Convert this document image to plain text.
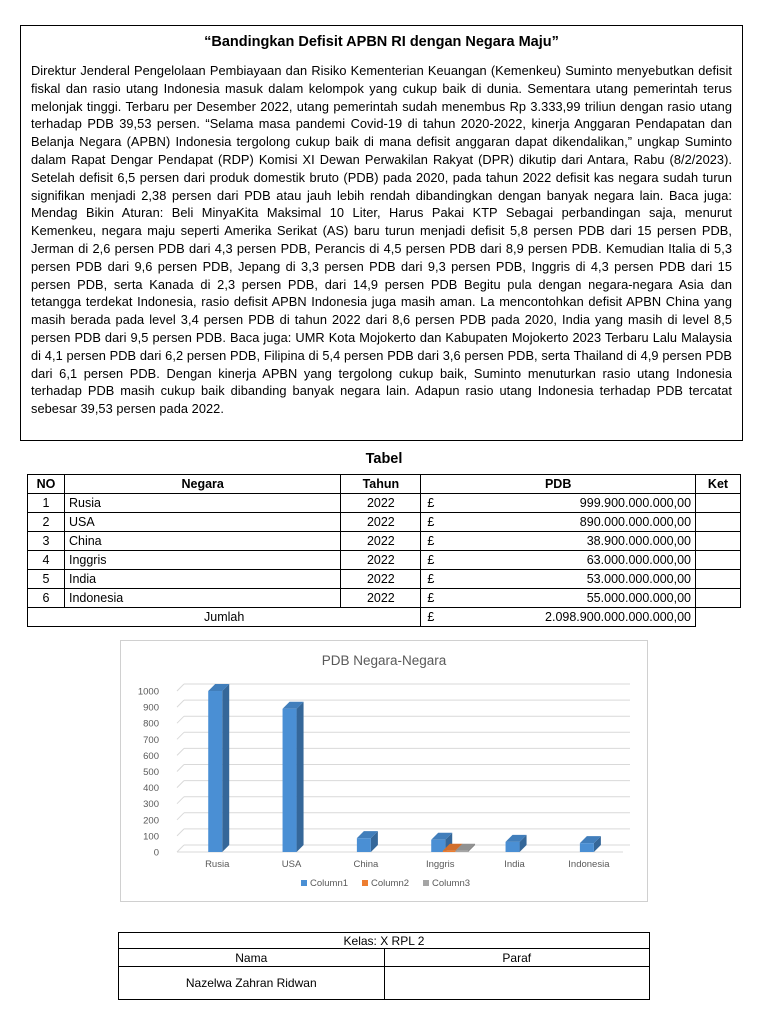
“Bandingkan Defisit APBN RI dengan Negara Maju”

Direktur Jenderal Pengelolaan Pembiayaan dan Risiko Kementerian Keuangan (Kemenkeu) Suminto menyebutkan defisit fiskal dan rasio utang Indonesia masuk dalam kelompok yang cukup baik di dunia. Sementara utang pemerintah terus melonjak tinggi. Terbaru per Desember 2022, utang pemerintah sudah menembus Rp 3.333,99 triliun dengan rasio utang terhadap PDB 39,53 persen. “Selama masa pandemi Covid-19 di tahun 2020-2022, kinerja Anggaran Pendapatan dan Belanja Negara (APBN) Indonesia tergolong cukup baik di mana defisit anggaran dapat dikendalikan,” ungkap Suminto dalam Rapat Dengar Pendapat (RDP) Komisi XI Dewan Perwakilan Rakyat (DPR) dikutip dari Antara, Rabu (8/2/2023). Setelah defisit 6,5 persen dari produk domestik bruto (PDB) pada 2020, pada tahun 2022 defisit kas negara sudah turun signifikan menjadi 2,38 persen dari PDB atau jauh lebih rendah dibandingkan dengan banyak negara lain. Baca juga: Mendag Bikin Aturan: Beli MinyaKita Maksimal 10 Liter, Harus Pakai KTP Sebagai perbandingan saja, menurut Kemenkeu, negara maju seperti Amerika Serikat (AS) baru turun menjadi defisit 5,8 persen PDB dari 15 persen PDB, Jerman di 2,6 persen PDB dari 4,3 persen PDB, Perancis di 4,5 persen PDB dari 8,9 persen PDB. Kemudian Italia di 5,3 persen PDB dari 9,6 persen PDB, Jepang di 3,3 persen PDB dari 9,3 persen PDB, Inggris di 4,3 persen PDB dari 15 persen PDB, serta Kanada di 2,3 persen PDB, dari 14,9 persen PDB Begitu pula dengan negara-negara Asia dan tetangga terdekat Indonesia, rasio defisit APBN Indonesia juga masih aman. La mencontohkan defisit APBN China yang masih berada pada level 3,4 persen PDB di tahun 2022 dari 8,6 persen PDB pada 2020, India yang masih di level 8,5 persen PDB dari 9,5 persen PDB. Baca juga: UMR Kota Mojokerto dan Kabupaten Mojokerto 2023 Terbaru Lalu Malaysia di 4,1 persen PDB dari 6,2 persen PDB, Filipina di 5,4 persen PDB dari 3,6 persen PDB, serta Thailand di 4,9 persen PDB dari 6,1 persen PDB. Dengan kinerja APBN yang tergolong cukup baik, Suminto menuturkan rasio utang Indonesia terhadap PDB masih cukup baik dibanding banyak negara lain. Adapun rasio utang Indonesia terhadap PDB tercatat sebesar 39,53 persen pada 2022.

Tabel
NO	Negara	Tahun	PDB	Ket
1	Rusia	2022	£ 999.900.000.000,00	

2	USA	2022	£ 890.000.000.000,00	

3	China	2022	£ 38.900.000.000,00	

4	Inggris	2022	£ 63.000.000.000,00	

5	India	2022	£ 53.000.000.000,00	

6	Indonesia	2022	£ 55.000.000.000,00	

Jumlah			£ 2.098.900.000.000.000,00	

PDB Negara-Negara
0
100
200
300
400
500
600
700
800
900
1000
Rusia	USA	China	Inggris	India	Indonesia
Column1 Column2 Column3
Kelas: X RPL 2	
Nama	Paraf
Nazelwa Zahran Ridwan	
